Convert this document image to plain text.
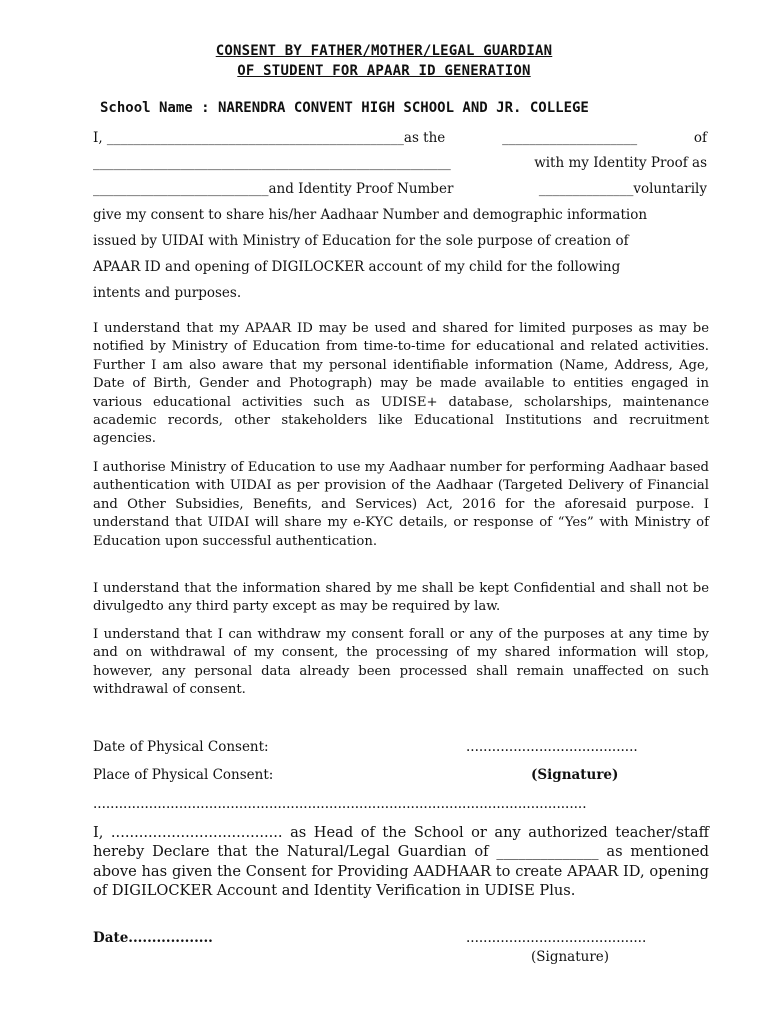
CONSENT BY FATHER/MOTHER/LEGAL GUARDIAN
OF STUDENT FOR APAAR ID GENERATION
School Name : NARENDRA CONVENT HIGH SCHOOL AND JR. COLLEGE
I, ____________________________________________as the	____________________	of
_____________________________________________________	with my Identity Proof as
__________________________and Identity Proof Number	______________voluntarily
give my consent to share his/her Aadhaar Number and demographic information
issued by UIDAI with Ministry of Education for the sole purpose of creation of
APAAR ID and opening of DIGILOCKER account of my child for the following
intents and purposes.

I understand that my APAAR ID may be used and shared for limited purposes as may be notified by Ministry of Education from time-to-time for educational and related activities. Further I am also aware that my personal identifiable information (Name, Address, Age, Date of Birth, Gender and Photograph) may be made available to entities engaged in various educational activities such as UDISE+ database, scholarships, maintenance academic records, other stakeholders like Educational Institutions and recruitment agencies.

I authorise Ministry of Education to use my Aadhaar number for performing Aadhaar based authentication with UIDAI as per provision of the Aadhaar (Targeted Delivery of Financial and Other Subsidies, Benefits, and Services) Act, 2016 for the aforesaid purpose. I understand that UIDAI will share my e-KYC details, or response of “Yes” with Ministry of Education upon successful authentication.

I understand that the information shared by me shall be kept Confidential and shall not be divulgedto any third party except as may be required by law.

I understand that I can withdraw my consent forall or any of the purposes at any time by and on withdrawal of my consent, the processing of my shared information will stop, however, any personal data already been processed shall remain unaffected on such withdrawal of consent.

Date of Physical Consent:	........................................
Place of Physical Consent:	(Signature)
...................................................................................................................

I, ..................................... as Head of the School or any authorized teacher/staff hereby Declare that the Natural/Legal Guardian of ______________ as mentioned above has given the Consent for Providing AADHAAR to create APAAR ID, opening of DIGILOCKER Account and Identity Verification in UDISE Plus.

Date..................	..........................................
(Signature)
